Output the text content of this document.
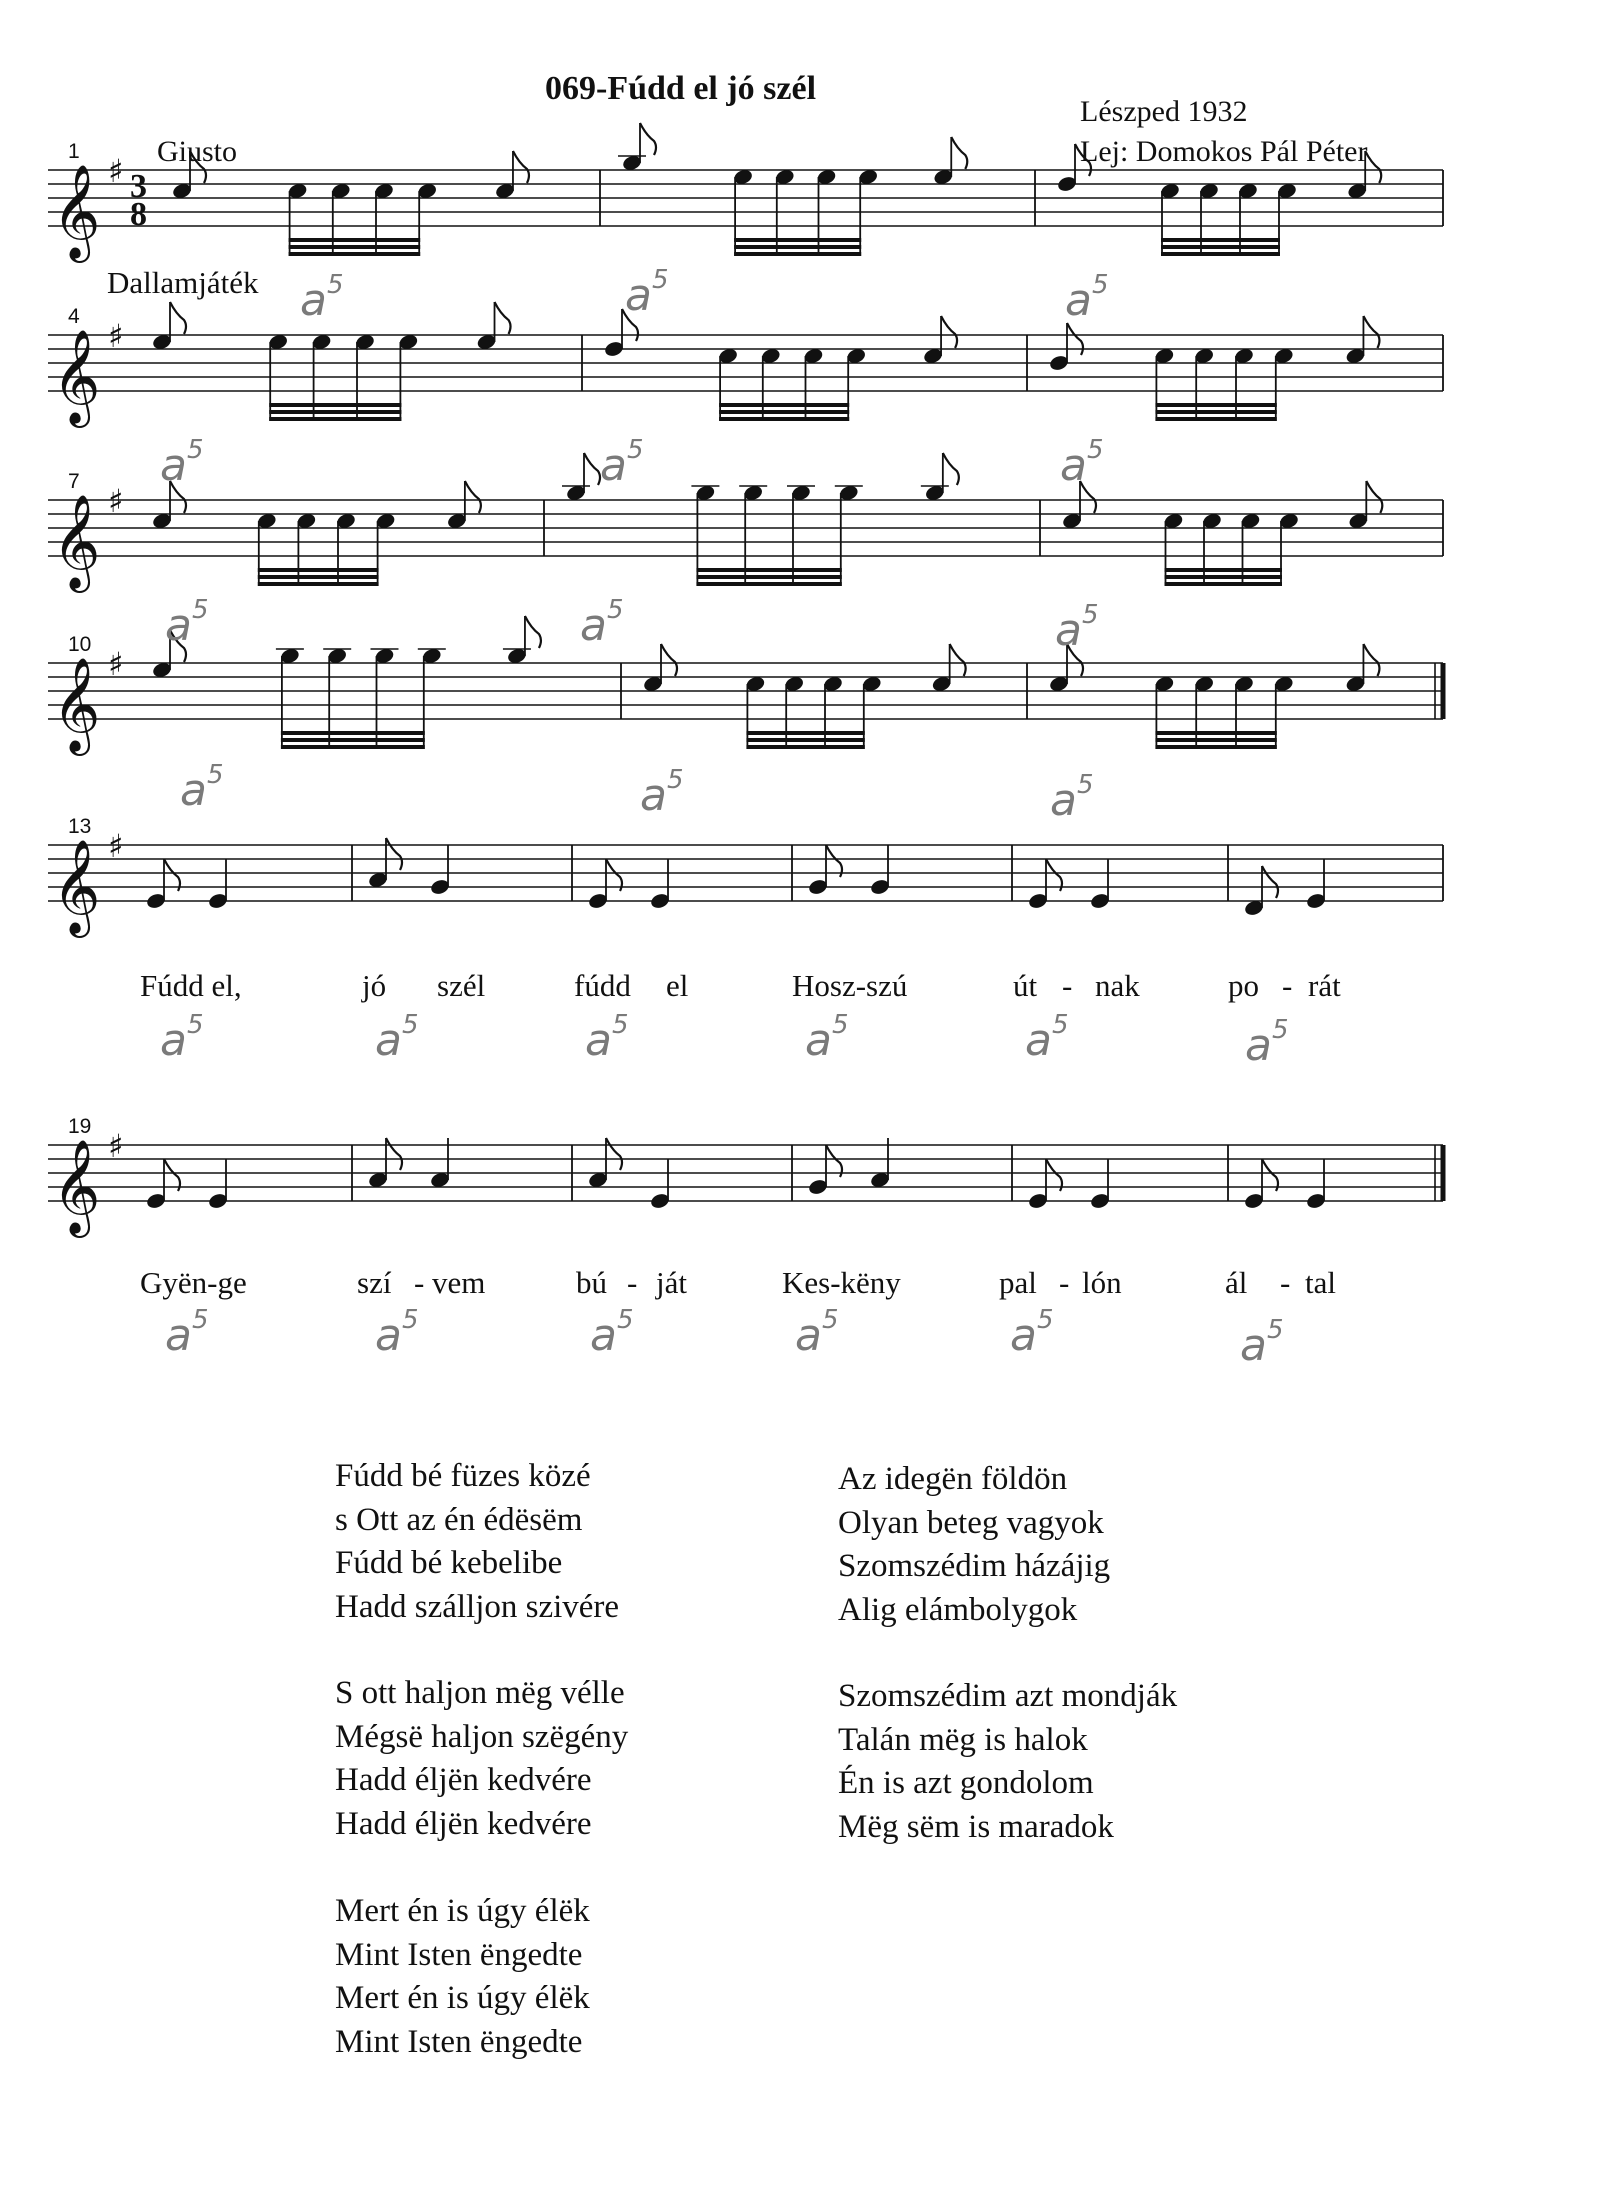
069-Fúdd el jó szél
Lészped 1932
Lej: Domokos Pál Péter
Giusto
Dallamjáték
𝄞 ♯
1
3
8
𝄞 ♯
4
𝄞 ♯
7
𝄞 ♯
10
𝄞 ♯
13
𝄞 ♯
19
Fúdd el,	jó szél	fúdd el	Hosz-szú	út - nak	po - rát
Gyën-ge	szí - vem	bú - ját	Kes-këny	pal - lón	ál - tal
Fúdd bé füzes közé
s Ott az én édësëm
Fúdd bé kebelibe
Hadd szálljon szivére
S ott haljon mëg vélle
Mégsë haljon szëgény
Hadd éljën kedvére
Hadd éljën kedvére
Mert én is úgy élëk
Mint Isten ëngedte
Mert én is úgy élëk
Mint Isten ëngedte
Az idegën földön
Olyan beteg vagyok
Szomszédim házájig
Alig elámbolygok
Szomszédim azt mondják
Talán mëg is halok
Én is azt gondolom
Mëg sëm is maradok
$a^5$	$a^5$	$a^5$
$a^5$	$a^5$	$a^5$
$a^5$	$a^5$	$a^5$
$a^5$	$a^5$	$a^5$
$a^5$	$a^5$	$a^5$	$a^5$	$a^5$	$a^5$
$a^5$	$a^5$	$a^5$	$a^5$	$a^5$	$a^5$
